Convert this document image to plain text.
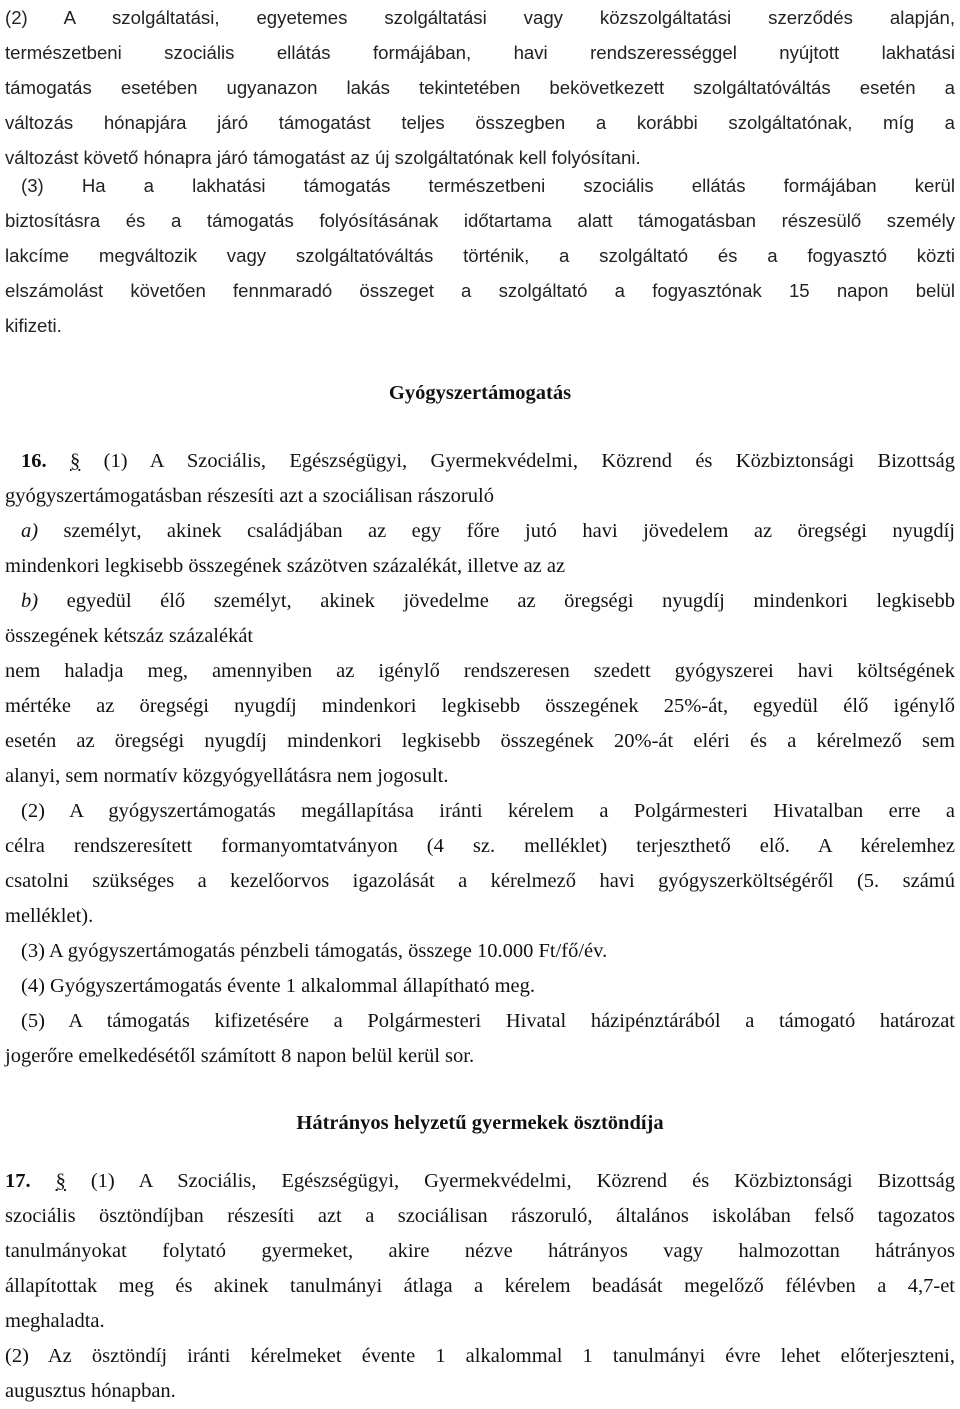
(2) A szolgáltatási, egyetemes szolgáltatási vagy közszolgáltatási szerződés alapján,
természetbeni szociális ellátás formájában, havi rendszerességgel nyújtott lakhatási
támogatás esetében ugyanazon lakás tekintetében bekövetkezett szolgáltatóváltás esetén a
változás hónapjára járó támogatást teljes összegben a korábbi szolgáltatónak, míg a
változást követő hónapra járó támogatást az új szolgáltatónak kell folyósítani.
(3) Ha a lakhatási támogatás természetbeni szociális ellátás formájában kerül
biztosításra és a támogatás folyósításának időtartama alatt támogatásban részesülő személy
lakcíme megváltozik vagy szolgáltatóváltás történik, a szolgáltató és a fogyasztó közti
elszámolást követően fennmaradó összeget a szolgáltató a fogyasztónak 15 napon belül
kifizeti.
Gyógyszertámogatás
16. § (1) A Szociális, Egészségügyi, Gyermekvédelmi, Közrend és Közbiztonsági Bizottság
gyógyszertámogatásban részesíti azt a szociálisan rászoruló
a) személyt, akinek családjában az egy főre jutó havi jövedelem az öregségi nyugdíj
mindenkori legkisebb összegének százötven százalékát, illetve az az
b) egyedül élő személyt, akinek jövedelme az öregségi nyugdíj mindenkori legkisebb
összegének kétszáz százalékát
nem haladja meg, amennyiben az igénylő rendszeresen szedett gyógyszerei havi költségének
mértéke az öregségi nyugdíj mindenkori legkisebb összegének 25%-át, egyedül élő igénylő
esetén az öregségi nyugdíj mindenkori legkisebb összegének 20%-át eléri és a kérelmező sem
alanyi, sem normatív közgyógyellátásra nem jogosult.
(2) A gyógyszertámogatás megállapítása iránti kérelem a Polgármesteri Hivatalban erre a
célra rendszeresített formanyomtatványon (4 sz. melléklet) terjeszthető elő. A kérelemhez
csatolni szükséges a kezelőorvos igazolását a kérelmező havi gyógyszerköltségéről (5. számú
melléklet).
(3) A gyógyszertámogatás pénzbeli támogatás, összege 10.000 Ft/fő/év.
(4) Gyógyszertámogatás évente 1 alkalommal állapítható meg.
(5) A támogatás kifizetésére a Polgármesteri Hivatal házipénztárából a támogató határozat
jogerőre emelkedésétől számított 8 napon belül kerül sor.
Hátrányos helyzetű gyermekek ösztöndíja
17. § (1) A Szociális, Egészségügyi, Gyermekvédelmi, Közrend és Közbiztonsági Bizottság
szociális ösztöndíjban részesíti azt a szociálisan rászoruló, általános iskolában felső tagozatos
tanulmányokat folytató gyermeket, akire nézve hátrányos vagy halmozottan hátrányos
állapítottak meg és akinek tanulmányi átlaga a kérelem beadását megelőző félévben a 4,7-et
meghaladta.
(2) Az ösztöndíj iránti kérelmeket évente 1 alkalommal 1 tanulmányi évre lehet előterjeszteni,
augusztus hónapban.
